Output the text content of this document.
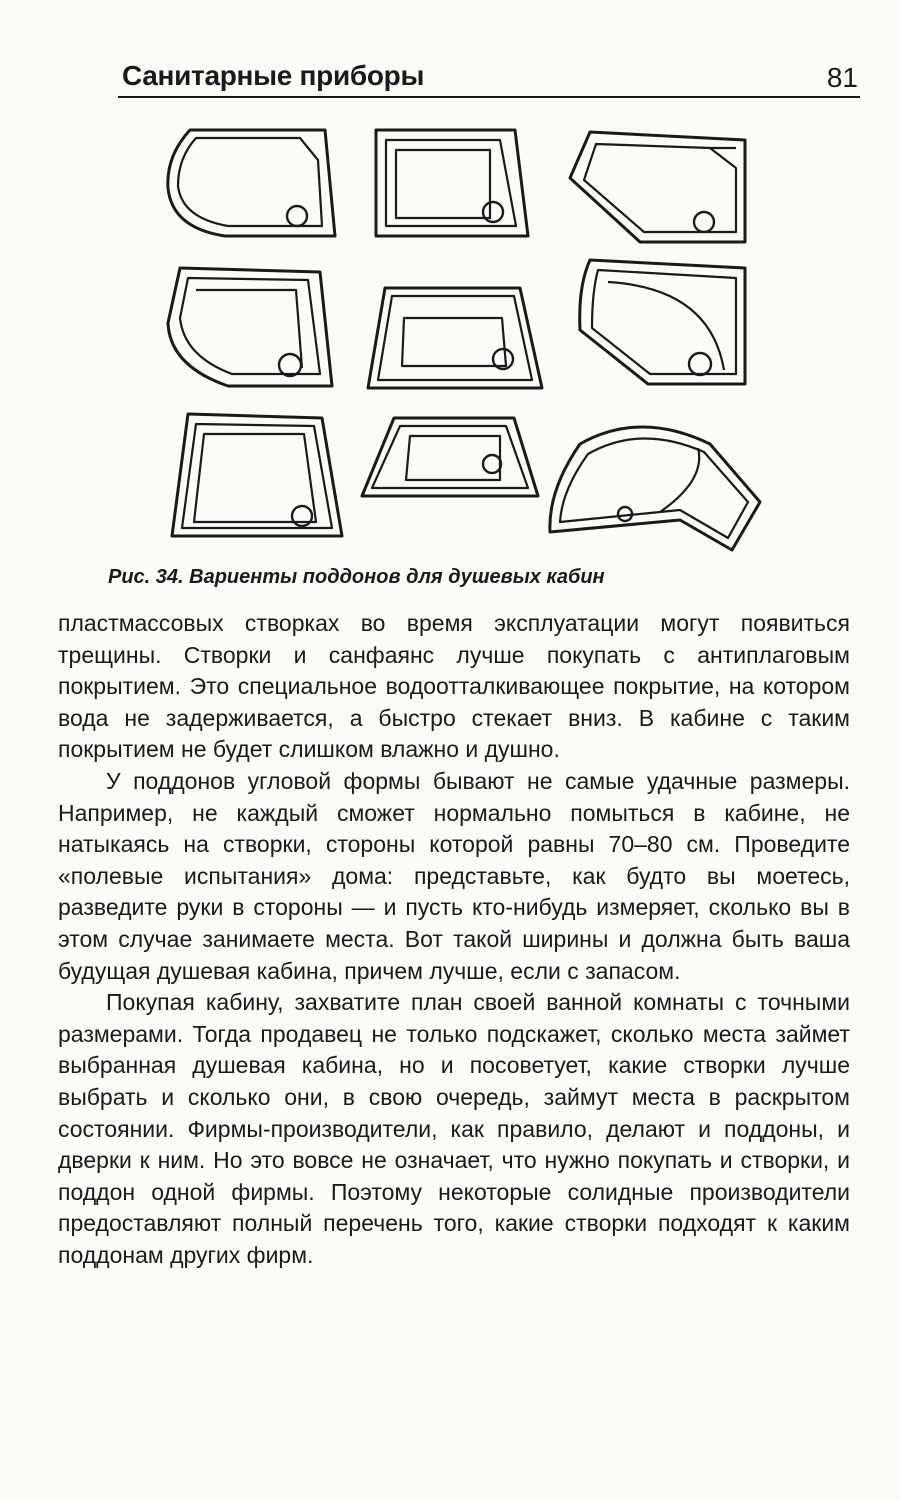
Санитарные приборы	81
Рис. 34. Вариенты поддонов для душевых кабин

пластмассовых створках во время эксплуатации могут появиться трещины. Створки и санфаянс лучше покупать с антиплаговым покрытием. Это специальное водоотталкивающее покрытие, на котором вода не задерживается, а быстро стекает вниз. В кабине с таким покрытием не будет слишком влажно и душно.

У поддонов угловой формы бывают не самые удачные размеры. Например, не каждый сможет нормально помыться в кабине, не натыкаясь на створки, стороны которой равны 70–80 см. Проведите «полевые испытания» дома: представьте, как будто вы моетесь, разведите руки в стороны — и пусть кто-нибудь измеряет, сколько вы в этом случае занимаете места. Вот такой ширины и должна быть ваша будущая душевая кабина, причем лучше, если с запасом.

Покупая кабину, захватите план своей ванной комнаты с точными размерами. Тогда продавец не только подскажет, сколько места займет выбранная душевая кабина, но и посоветует, какие створки лучше выбрать и сколько они, в свою очередь, займут места в раскрытом состоянии. Фирмы-производители, как правило, делают и поддоны, и дверки к ним. Но это вовсе не означает, что нужно покупать и створки, и поддон одной фирмы. Поэтому некоторые солидные производители предоставляют полный перечень того, какие створки подходят к каким поддонам других фирм.
